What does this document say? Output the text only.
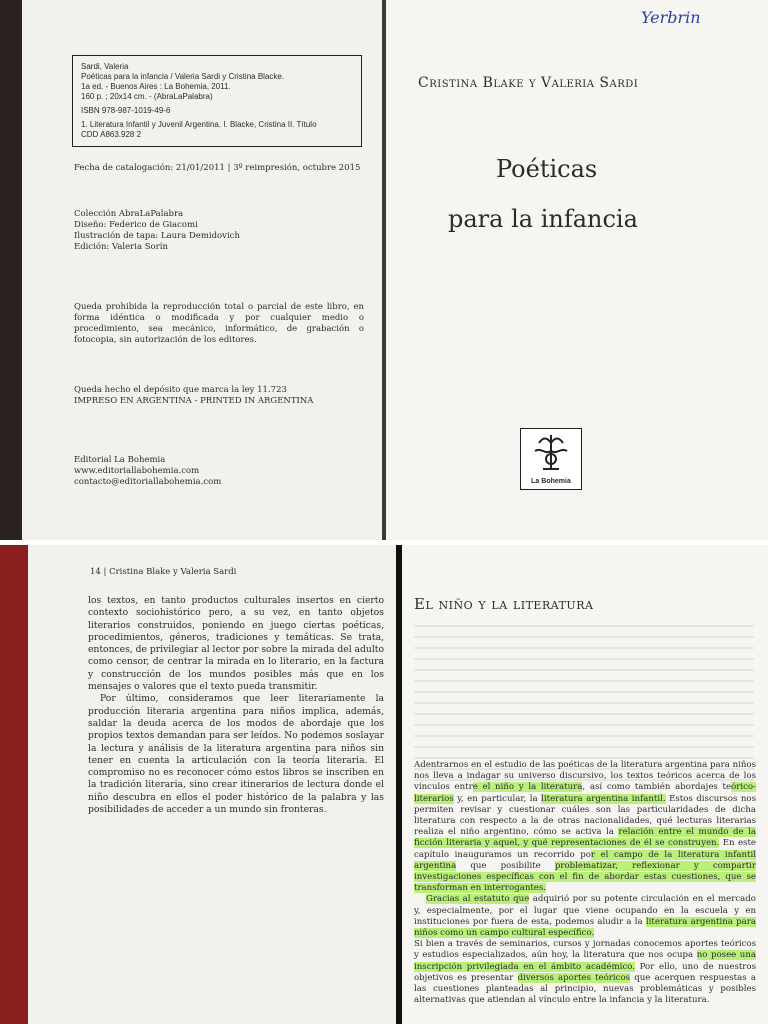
Sardi, Valeria
Poéticas para la infancia / Valeria Sardi y Cristina Blacke.
1a ed. - Buenos Aires : La Bohemia, 2011.
160 p. ; 20x14 cm. - (AbraLaPalabra)

ISBN 978-987-1019-49-6

1. Literatura Infantil y Juvenil Argentina. I. Blacke, Cristina II. Título
CDD A863.928 2
Fecha de catalogación: 21/01/2011 | 3º reimpresión, octubre 2015
Colección AbraLaPalabra
Diseño: Federico de Giacomi
Ilustración de tapa: Laura Demidovich
Edición: Valeria Sorín
Queda prohibida la reproducción total o parcial de este libro, en forma idéntica o modificada y por cualquier medio o procedimiento, sea mecánico, informático, de grabación o fotocopia, sin autorización de los editores.
Queda hecho el depósito que marca la ley 11.723
IMPRESO EN ARGENTINA - PRINTED IN ARGENTINA
Editorial La Bohemia
www.editoriallabohemia.com
contacto@editoriallabohemia.com
Yerbrin
Cristina Blake y Valeria Sardi
Poéticas
para la infancia
La Bohemia
14 | Cristina Blake y Valeria Sardi

los textos, en tanto productos culturales insertos en cierto contexto sociohistórico pero, a su vez, en tanto objetos literarios construidos, poniendo en juego ciertas poéticas, procedimientos, géneros, tradiciones y temáticas. Se trata, entonces, de privilegiar al lector por sobre la mirada del adulto como censor, de centrar la mirada en lo literario, en la factura y construcción de los mundos posibles más que en los mensajes o valores que el texto pueda transmitir.

Por último, consideramos que leer literariamente la producción literaria argentina para niños implica, además, saldar la deuda acerca de los modos de abordaje que los propios textos demandan para ser leídos. No podemos soslayar la lectura y análisis de la literatura argentina para niños sin tener en cuenta la articulación con la teoría literaria. El compromiso no es reconocer cómo estos libros se inscriben en la tradición literaria, sino crear itinerarios de lectura donde el niño descubra en ellos el poder histórico de la palabra y las posibilidades de acceder a un mundo sin fronteras.

El niño y la literatura

Adentrarnos en el estudio de las poéticas de la literatura argentina para niños nos lleva a indagar su universo discursivo, los textos teóricos acerca de los vínculos entre el niño y la literatura, así como también abordajes teórico-literarios y, en particular, la literatura argentina infantil. Estos discursos nos permiten revisar y cuestionar cuáles son las particularidades de dicha literatura con respecto a la de otras nacionalidades, qué lecturas literarias realiza el niño argentino, cómo se activa la relación entre el mundo de la ficción literaria y aquel, y qué representaciones de él se construyen. En este capítulo inauguramos un recorrido por el campo de la literatura infantil argentina que posibilite problematizar, reflexionar y compartir investigaciones específicas con el fin de abordar estas cuestiones, que se transforman en interrogantes.

Gracias al estatuto que adquirió por su potente circulación en el mercado y, especialmente, por el lugar que viene ocupando en la escuela y en instituciones por fuera de esta, podemos aludir a la literatura argentina para niños como un campo cultural específico.

Si bien a través de seminarios, cursos y jornadas conocemos aportes teóricos y estudios especializados, aún hoy, la literatura que nos ocupa no posee una inscripción privilegiada en el ámbito académico. Por ello, uno de nuestros objetivos es presentar diversos aportes teóricos que acerquen respuestas a las cuestiones planteadas al principio, nuevas problemáticas y posibles alternativas que atiendan al vínculo entre la infancia y la literatura.
